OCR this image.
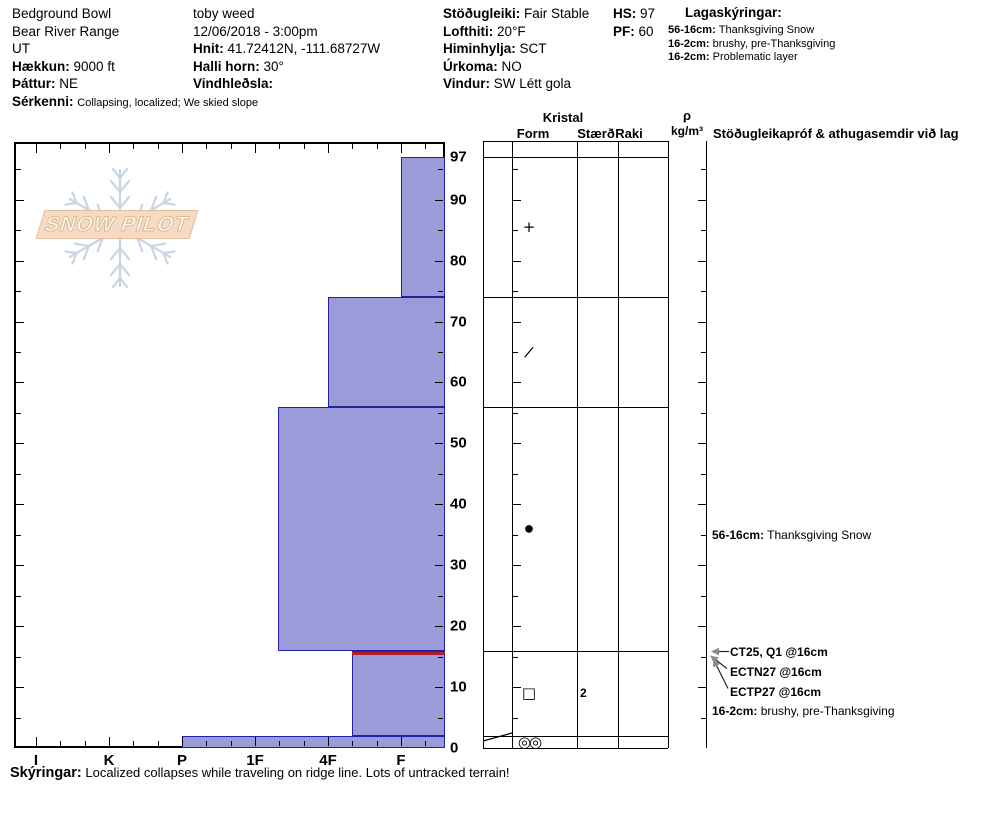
Bedground Bowl
Bear River Range
UT
Hækkun: 9000 ft
Þáttur: NE
Sérkenni: Collapsing, localized; We skied slope
toby weed
12/06/2018 - 3:00pm
Hnit: 41.72412N, -111.68727W
Halli horn: 30°
Vindhleðsla:
Stöðugleiki: Fair Stable
Lofthiti: 20°F
Himinhylja: SCT
Úrkoma: NO
Vindur: SW Létt gola
HS: 97
PF: 60
Lagaskýringar:
56-16cm: Thanksgiving Snow
16-2cm: brushy, pre-Thanksgiving
16-2cm: Problematic layer
SNOW PILOT
Kristal
Form Stærð Raki
ρ
kg/m³ Stöðugleikapróf & athugasemdir við lag
0
10
20
30
40
50
60
70
80
90
97
I	K	P	1F	4F	F
+
/
●	56-16cm: Thanksgiving Snow
□	2
16-2cm: brushy, pre-Thanksgiving
◎◎
CT25, Q1 @16cm
ECTN27 @16cm
ECTP27 @16cm
Skýringar: Localized collapses while traveling on ridge line. Lots of untracked terrain!
